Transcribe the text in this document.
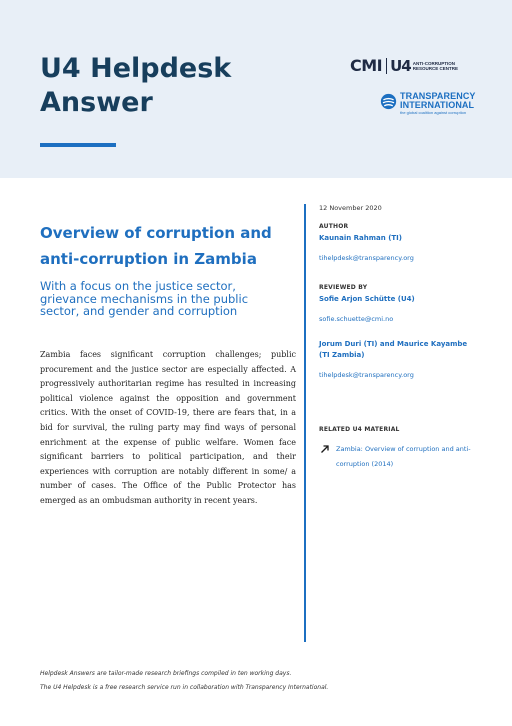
U4 Helpdesk
Answer
CMI U4 ANTI-CORRUPTION
RESOURCE CENTRE
TRANSPARENCY
INTERNATIONAL
the global coalition against corruption
Overview of corruption and anti-corruption in Zambia
With a focus on the justice sector, grievance mechanisms in the public sector, and gender and corruption
Zambia faces significant corruption challenges; public procurement and the justice sector are especially affected. A progressively authoritarian regime has resulted in increasing political violence against the opposition and government critics. With the onset of COVID-19, there are fears that, in a bid for survival, the ruling party may find ways of personal enrichment at the expense of public welfare. Women face significant barriers to political participation, and their experiences with corruption are notably different in some/ a number of cases. The Office of the Public Protector has emerged as an ombudsman authority in recent years.
12 November 2020
AUTHOR
Kaunain Rahman (TI)
tihelpdesk@transparency.org
REVIEWED BY
Sofie Arjon Schütte (U4)
sofie.schuette@cmi.no
Jorum Duri (TI) and Maurice Kayambe (TI Zambia)
tihelpdesk@transparency.org
RELATED U4 MATERIAL
Zambia: Overview of corruption and anti-corruption (2014)
Helpdesk Answers are tailor-made research briefings compiled in ten working days.
The U4 Helpdesk is a free research service run in collaboration with Transparency International.
